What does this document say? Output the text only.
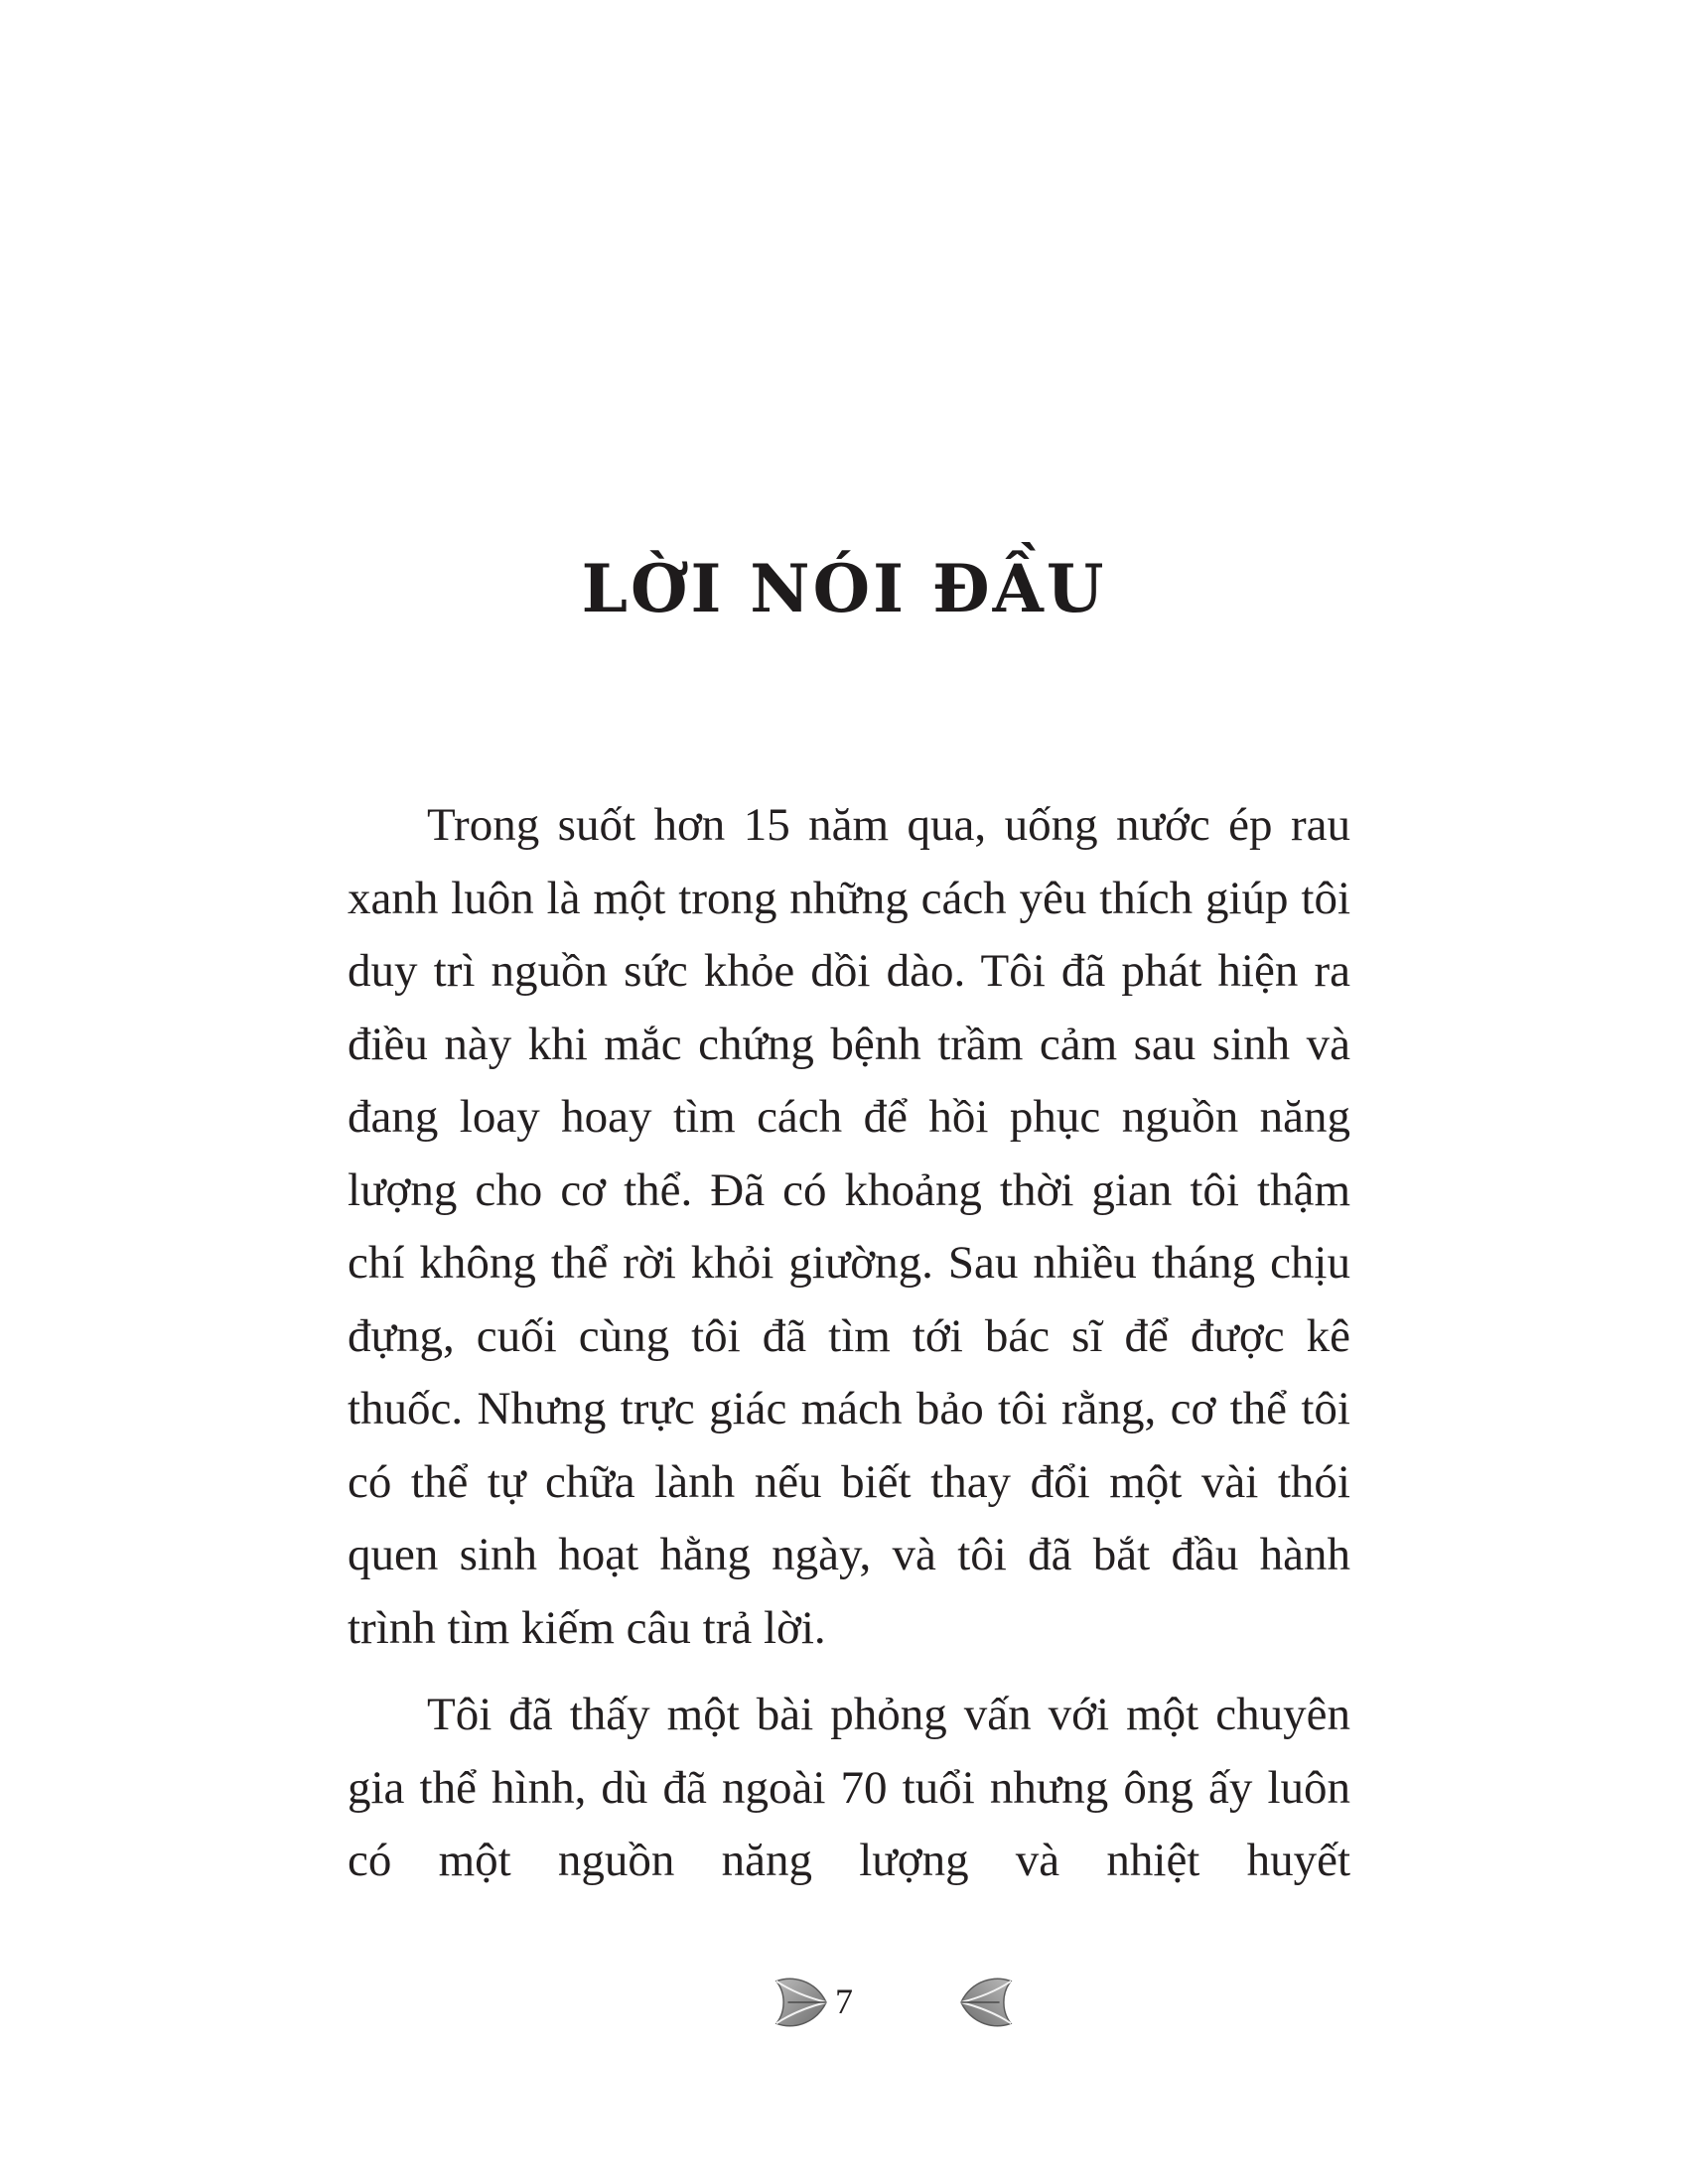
LỜI NÓI ĐẦU

Trong suốt hơn 15 năm qua, uống nước ép rau xanh luôn là một trong những cách yêu thích giúp tôi duy trì nguồn sức khỏe dồi dào. Tôi đã phát hiện ra điều này khi mắc chứng bệnh trầm cảm sau sinh và đang loay hoay tìm cách để hồi phục nguồn năng lượng cho cơ thể. Đã có khoảng thời gian tôi thậm chí không thể rời khỏi giường. Sau nhiều tháng chịu đựng, cuối cùng tôi đã tìm tới bác sĩ để được kê thuốc. Nhưng trực giác mách bảo tôi rằng, cơ thể tôi có thể tự chữa lành nếu biết thay đổi một vài thói quen sinh hoạt hằng ngày, và tôi đã bắt đầu hành trình tìm kiếm câu trả lời.

Tôi đã thấy một bài phỏng vấn với một chuyên gia thể hình, dù đã ngoài 70 tuổi nhưng ông ấy luôn có một nguồn năng lượng và nhiệt huyết

7
